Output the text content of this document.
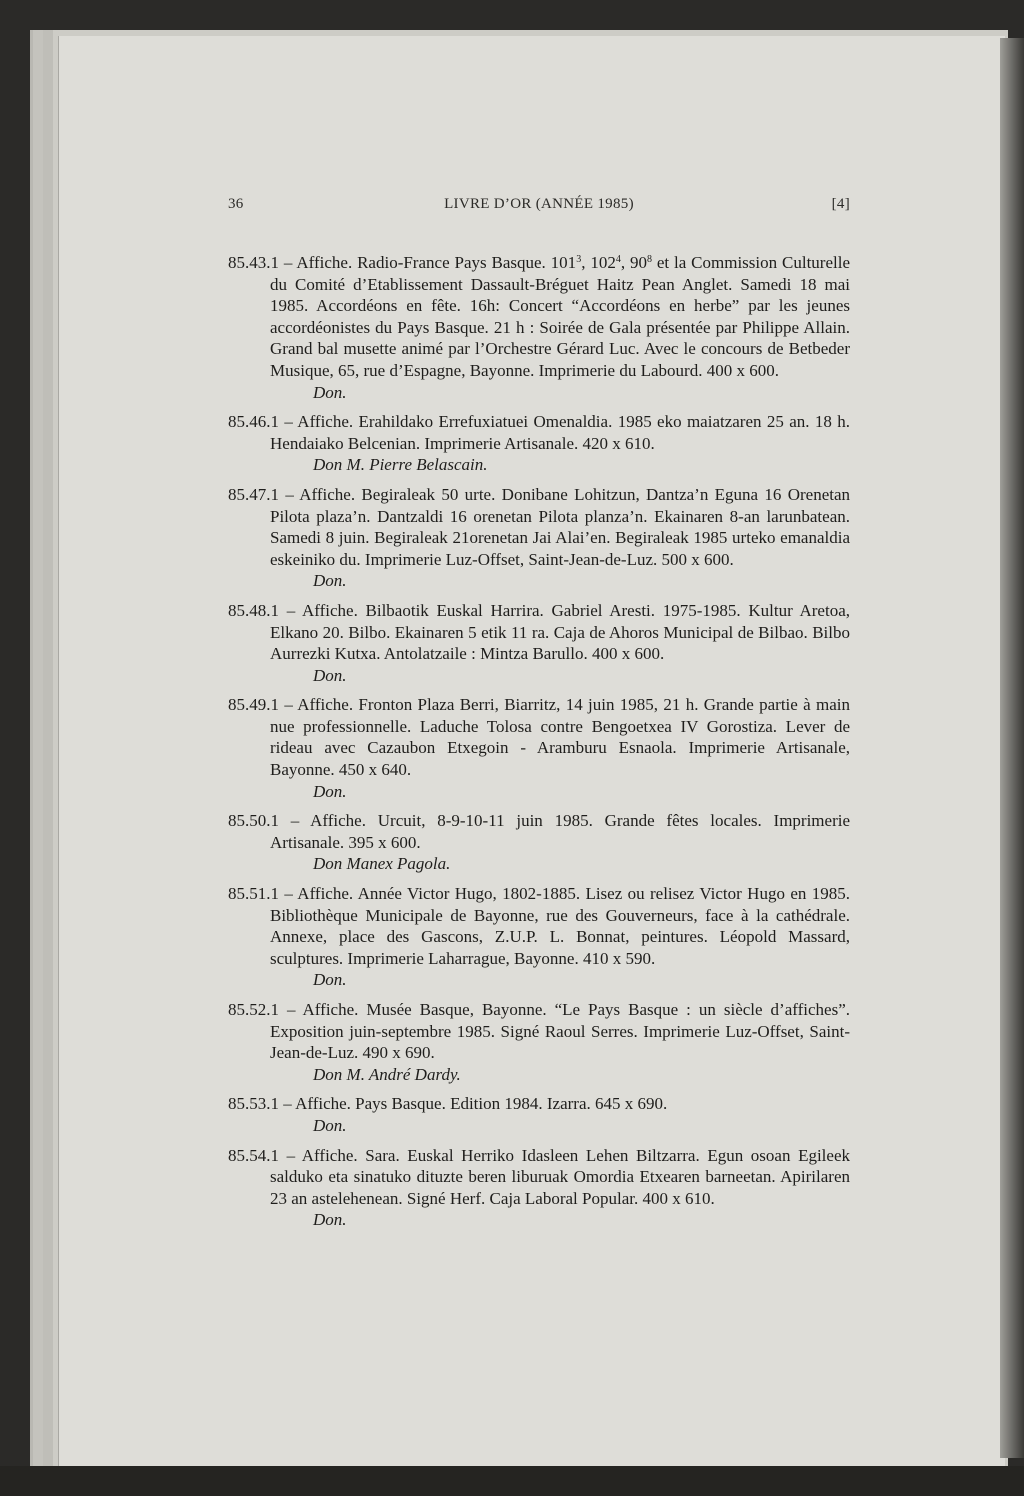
36	LIVRE D’OR (ANNÉE 1985)	[4]

85.43.1 – Affiche. Radio-France Pays Basque. $101^3$, $102^4$, $90^8$ et la Commission Culturelle du Comité d’Etablissement Dassault-Bréguet Haitz Pean Anglet. Samedi 18 mai 1985. Accordéons en fête. 16h: Concert “Accordéons en herbe” par les jeunes accordéonistes du Pays Basque. 21 h : Soirée de Gala présentée par Philippe Allain. Grand bal musette animé par l’Orchestre Gérard Luc. Avec le concours de Betbeder Musique, 65, rue d’Espagne, Bayonne. Imprimerie du Labourd. 400 x 600.

Don.

85.46.1 – Affiche. Erahildako Errefuxiatuei Omenaldia. 1985 eko maiatzaren 25 an. 18 h. Hendaiako Belcenian. Imprimerie Artisanale. 420 x 610.

Don M. Pierre Belascain.

85.47.1 – Affiche. Begiraleak 50 urte. Donibane Lohitzun, Dantza’n Eguna 16 Orenetan Pilota plaza’n. Dantzaldi 16 orenetan Pilota planza’n. Ekainaren 8-an larunbatean. Samedi 8 juin. Begiraleak 21orenetan Jai Alai’en. Begiraleak 1985 urteko emanaldia eskeiniko du. Imprimerie Luz-Offset, Saint-Jean-de-Luz. 500 x 600.

Don.

85.48.1 – Affiche. Bilbaotik Euskal Harrira. Gabriel Aresti. 1975-1985. Kultur Aretoa, Elkano 20. Bilbo. Ekainaren 5 etik 11 ra. Caja de Ahoros Municipal de Bilbao. Bilbo Aurrezki Kutxa. Antolatzaile : Mintza Barullo. 400 x 600.

Don.

85.49.1 – Affiche. Fronton Plaza Berri, Biarritz, 14 juin 1985, 21 h. Grande partie à main nue professionnelle. Laduche Tolosa contre Bengoetxea IV Gorostiza. Lever de rideau avec Cazaubon Etxegoin - Aramburu Esnaola. Imprimerie Artisanale, Bayonne. 450 x 640.

Don.

85.50.1 – Affiche. Urcuit, 8-9-10-11 juin 1985. Grande fêtes locales. Imprimerie Artisanale. 395 x 600.

Don Manex Pagola.

85.51.1 – Affiche. Année Victor Hugo, 1802-1885. Lisez ou relisez Victor Hugo en 1985. Bibliothèque Municipale de Bayonne, rue des Gouverneurs, face à la cathédrale. Annexe, place des Gascons, Z.U.P. L. Bonnat, peintures. Léopold Massard, sculptures. Imprimerie Laharrague, Bayonne. 410 x 590.

Don.

85.52.1 – Affiche. Musée Basque, Bayonne. “Le Pays Basque : un siècle d’affiches”. Exposition juin-septembre 1985. Signé Raoul Serres. Imprimerie Luz-Offset, Saint-Jean-de-Luz. 490 x 690.

Don M. André Dardy.

85.53.1 – Affiche. Pays Basque. Edition 1984. Izarra. 645 x 690.

Don.

85.54.1 – Affiche. Sara. Euskal Herriko Idasleen Lehen Biltzarra. Egun osoan Egileek salduko eta sinatuko dituzte beren liburuak Omordia Etxearen barneetan. Apirilaren 23 an astelehenean. Signé Herf. Caja Laboral Popular. 400 x 610.

Don.
